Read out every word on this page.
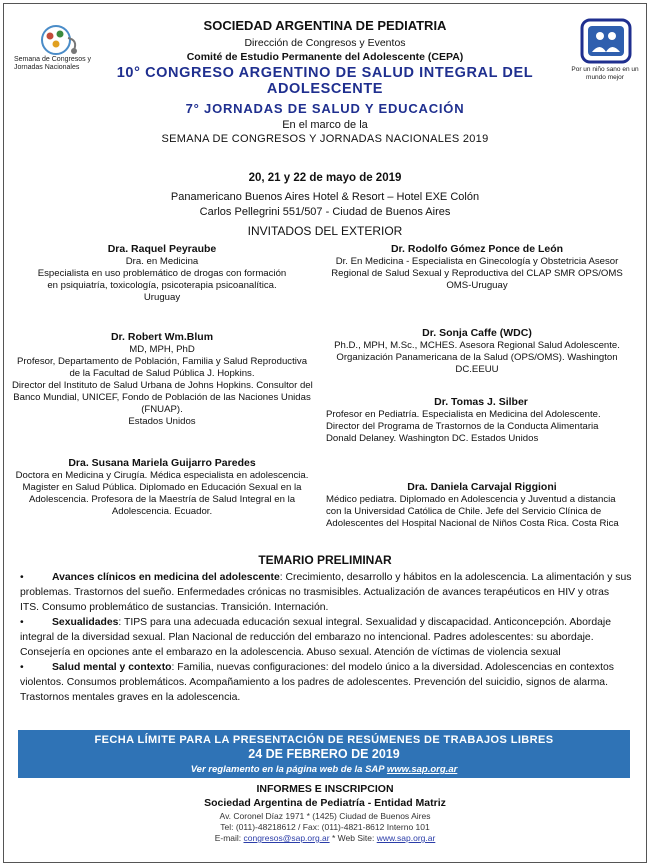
Semana de Congresos y Jornadas Nacionales	Por un niño sano en un mundo mejor
SOCIEDAD ARGENTINA DE PEDIATRIA
Dirección de Congresos y Eventos
Comité de Estudio Permanente del Adolescente (CEPA)
10° CONGRESO ARGENTINO DE SALUD INTEGRAL DEL ADOLESCENTE
7° JORNADAS DE SALUD Y EDUCACIÓN
En el marco de la
SEMANA DE CONGRESOS Y JORNADAS NACIONALES 2019
20, 21 y 22 de mayo de 2019
Panamericano Buenos Aires Hotel & Resort – Hotel EXE Colón
Carlos Pellegrini 551/507 - Ciudad de Buenos Aires
INVITADOS DEL EXTERIOR
Dra. Raquel Peyraube
Dra. en Medicina
Especialista en uso problemático de drogas con formación
en psiquiatría, toxicología, psicoterapia psicoanalítica.
Uruguay
Dr. Rodolfo Gómez Ponce de León
Dr. En Medicina - Especialista en Ginecología y Obstetricia Asesor
Regional de Salud Sexual y Reproductiva del CLAP SMR OPS/OMS
OMS-Uruguay
Dr. Robert Wm.Blum
MD, MPH, PhD
Profesor, Departamento de Población, Familia y Salud Reproductiva
de la Facultad de Salud Pública J. Hopkins.
Director del Instituto de Salud Urbana de Johns Hopkins. Consultor del
Banco Mundial, UNICEF, Fondo de Población de las Naciones Unidas
(FNUAP).
Estados Unidos
Dr. Sonja Caffe (WDC)
Ph.D., MPH, M.Sc., MCHES. Asesora Regional Salud Adolescente.
Organización Panamericana de la Salud (OPS/OMS). Washington
DC.EEUU
Dr. Tomas J. Silber
Profesor en Pediatría. Especialista en Medicina del Adolescente.
Director del Programa de Trastornos de la Conducta Alimentaria
Donald Delaney. Washington DC. Estados Unidos
Dra. Susana Mariela Guijarro Paredes
Doctora en Medicina y Cirugía. Médica especialista en adolescencia.
Magister en Salud Pública. Diplomado en Educación Sexual en la
Adolescencia. Profesora de la Maestría de Salud Integral en la
Adolescencia. Ecuador.
Dra. Daniela Carvajal Riggioni
Médico pediatra. Diplomado en Adolescencia y Juventud a distancia
con la Universidad Católica de Chile. Jefe del Servicio Clínica de
Adolescentes del Hospital Nacional de Niños Costa Rica. Costa Rica
TEMARIO PRELIMINAR
•	Avances clínicos en medicina del adolescente: Crecimiento, desarrollo y hábitos en la adolescencia. La alimentación y sus
problemas. Trastornos del sueño. Enfermedades crónicas no trasmisibles. Actualización de avances terapéuticos en HIV y otras
ITS. Consumo problemático de sustancias. Transición. Internación.
•	Sexualidades: TIPS para una adecuada educación sexual integral. Sexualidad y discapacidad. Anticoncepción. Abordaje
integral de la diversidad sexual. Plan Nacional de reducción del embarazo no intencional. Padres adolescentes: su abordaje.
Consejería en opciones ante el embarazo en la adolescencia. Abuso sexual. Atención de víctimas de violencia sexual
•	Salud mental y contexto: Familia, nuevas configuraciones: del modelo único a la diversidad. Adolescencias en contextos
violentos. Consumos problemáticos. Acompañamiento a los padres de adolescentes. Prevención del suicidio, signos de alarma.
Trastornos mentales graves en la adolescencia.
FECHA LÍMITE PARA LA PRESENTACIÓN DE RESÚMENES DE TRABAJOS LIBRES
24 DE FEBRERO DE 2019
Ver reglamento en la página web de la SAP www.sap.org.ar
INFORMES E INSCRIPCION
Sociedad Argentina de Pediatría - Entidad Matriz
Av. Coronel Díaz 1971 * (1425) Ciudad de Buenos Aires
Tel: (011)-48218612 / Fax: (011)-4821-8612 Interno 101
E-mail: congresos@sap.org.ar * Web Site: www.sap.org.ar
